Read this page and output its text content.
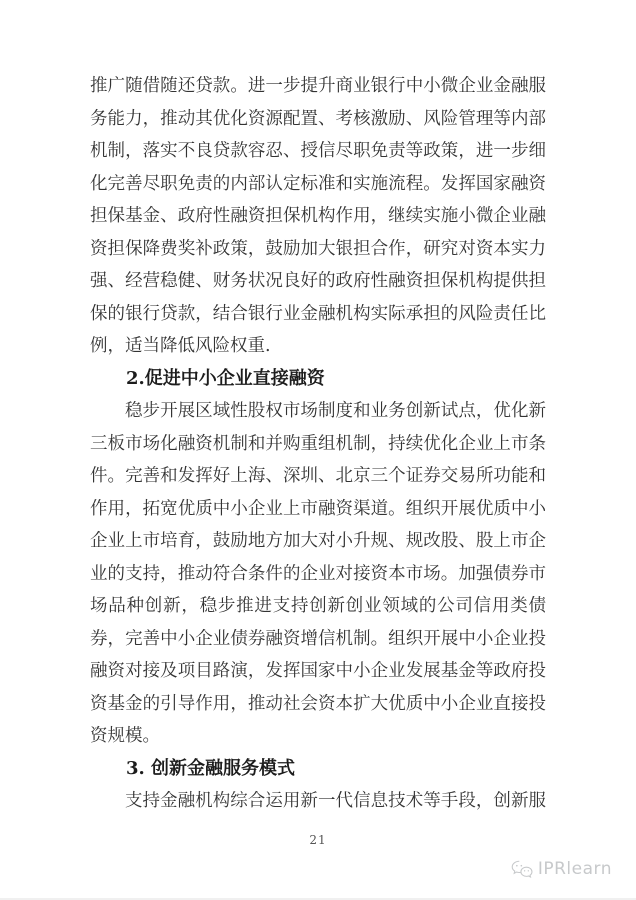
推广随借随还贷款。进一步提升商业银行中小微企业金融服
务能力，推动其优化资源配置、考核激励、风险管理等内部
机制，落实不良贷款容忍、授信尽职免责等政策，进一步细
化完善尽职免责的内部认定标准和实施流程。发挥国家融资
担保基金、政府性融资担保机构作用，继续实施小微企业融
资担保降费奖补政策，鼓励加大银担合作，研究对资本实力
强、经营稳健、财务状况良好的政府性融资担保机构提供担
保的银行贷款，结合银行业金融机构实际承担的风险责任比
例，适当降低风险权重.
2.促进中小企业直接融资
稳步开展区域性股权市场制度和业务创新试点，优化新
三板市场化融资机制和并购重组机制，持续优化企业上市条
件。完善和发挥好上海、深圳、北京三个证券交易所功能和
作用，拓宽优质中小企业上市融资渠道。组织开展优质中小
企业上市培育，鼓励地方加大对小升规、规改股、股上市企
业的支持，推动符合条件的企业对接资本市场。加强债券市
场品种创新，稳步推进支持创新创业领域的公司信用类债
券，完善中小企业债券融资增信机制。组织开展中小企业投
融资对接及项目路演，发挥国家中小企业发展基金等政府投
资基金的引导作用，推动社会资本扩大优质中小企业直接投
资规模。
3. 创新金融服务模式
支持金融机构综合运用新一代信息技术等手段，创新服
21
IPRlearn
